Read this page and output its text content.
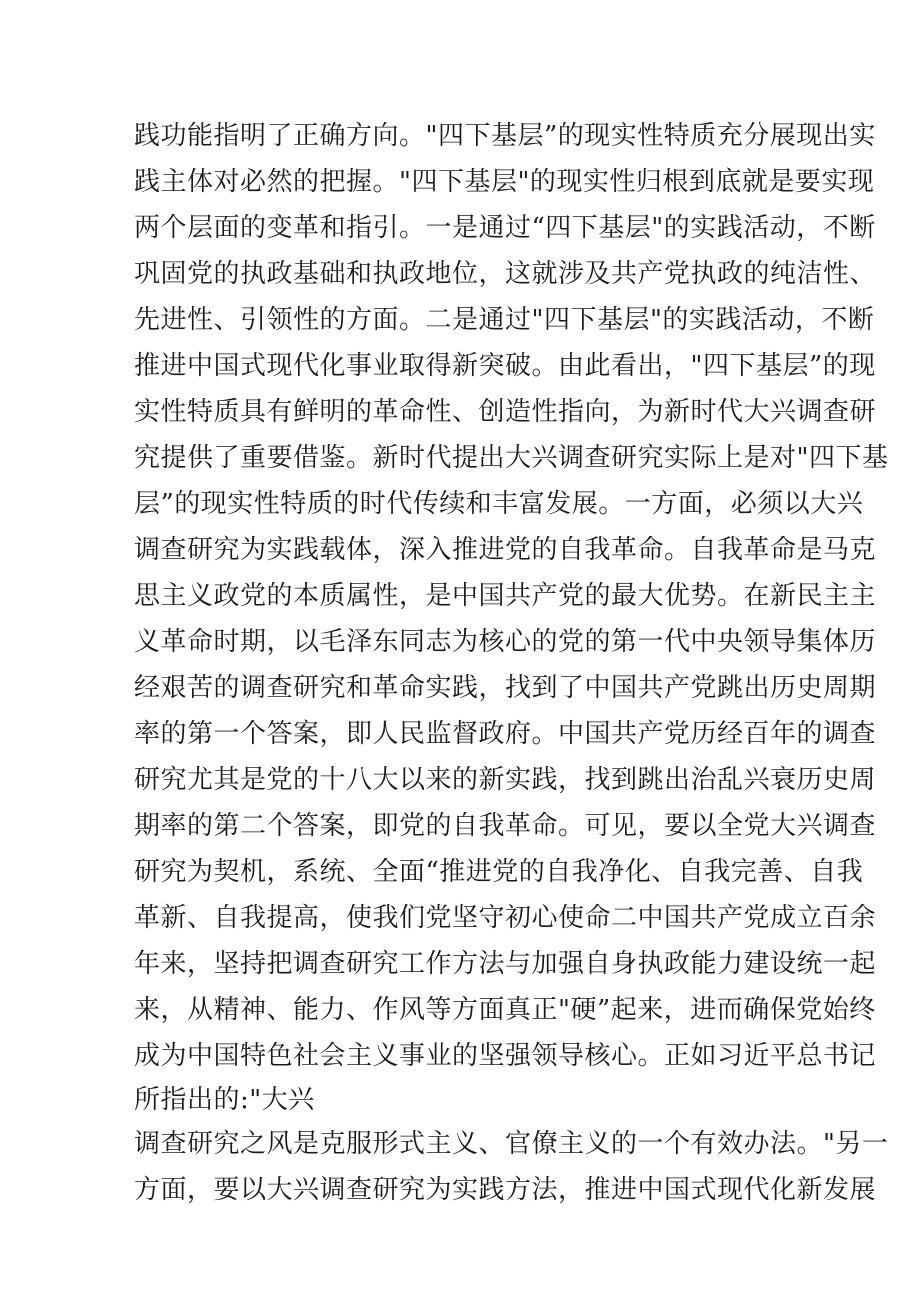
践功能指明了正确方向。"四下基层”的现实性特质充分展现出实
践主体对必然的把握。"四下基层"的现实性归根到底就是要实现
两个层面的变革和指引。一是通过“四下基层"的实践活动，不断
巩固党的执政基础和执政地位，这就涉及共产党执政的纯洁性、
先进性、引领性的方面。二是通过"四下基层"的实践活动，不断
推进中国式现代化事业取得新突破。由此看出，"四下基层”的现
实性特质具有鲜明的革命性、创造性指向，为新时代大兴调查研
究提供了重要借鉴。新时代提出大兴调查研究实际上是对"四下基
层”的现实性特质的时代传续和丰富发展。一方面，必须以大兴
调查研究为实践载体，深入推进党的自我革命。自我革命是马克
思主义政党的本质属性，是中国共产党的最大优势。在新民主主
义革命时期，以毛泽东同志为核心的党的第一代中央领导集体历
经艰苦的调查研究和革命实践，找到了中国共产党跳出历史周期
率的第一个答案，即人民监督政府。中国共产党历经百年的调查
研究尤其是党的十八大以来的新实践，找到跳出治乱兴衰历史周
期率的第二个答案，即党的自我革命。可见，要以全党大兴调查
研究为契机，系统、全面“推进党的自我净化、自我完善、自我
革新、自我提高，使我们党坚守初心使命二中国共产党成立百余
年来，坚持把调查研究工作方法与加强自身执政能力建设统一起
来，从精神、能力、作风等方面真正"硬”起来，进而确保党始终
成为中国特色社会主义事业的坚强领导核心。正如习近平总书记
所指出的:"大兴
调查研究之风是克服形式主义、官僚主义的一个有效办法。"另一
方面，要以大兴调查研究为实践方法，推进中国式现代化新发展
